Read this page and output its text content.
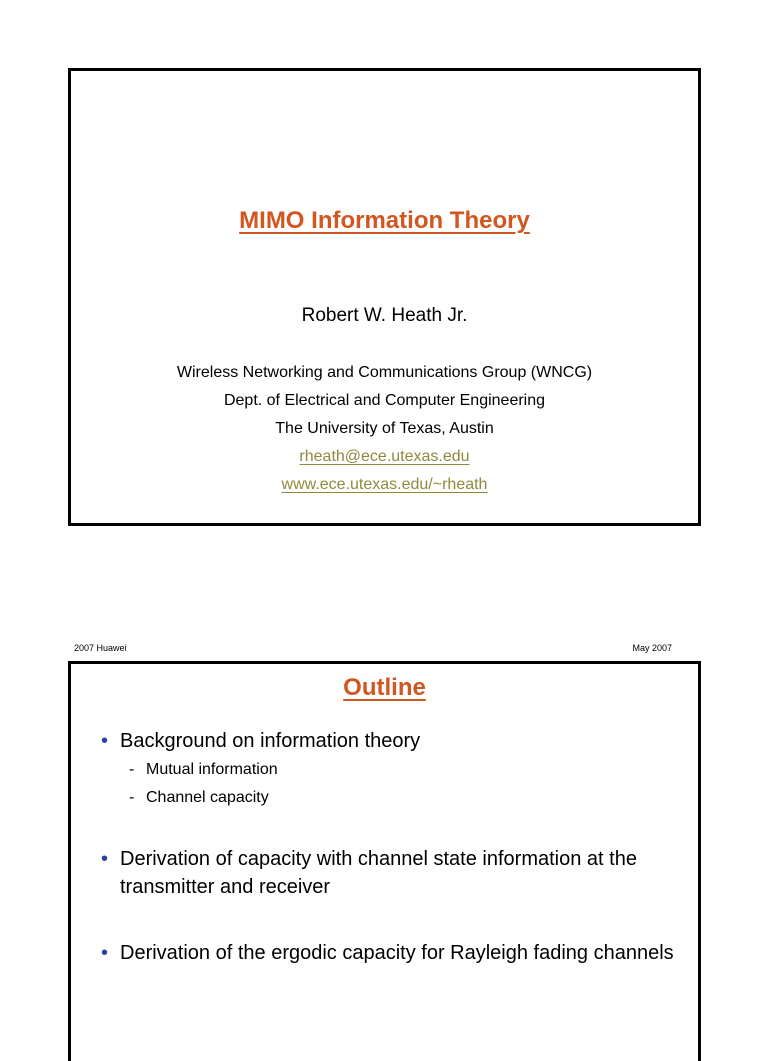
MIMO Information Theory
Robert W. Heath Jr.
Wireless Networking and Communications Group (WNCG)
Dept. of Electrical and Computer Engineering
The University of Texas, Austin
rheath@ece.utexas.edu
www.ece.utexas.edu/~rheath
2007 Huawei	May 2007
Outline
• Background on information theory
- Mutual information
- Channel capacity
• Derivation of capacity with channel state information at the transmitter and receiver
• Derivation of the ergodic capacity for Rayleigh fading channels
